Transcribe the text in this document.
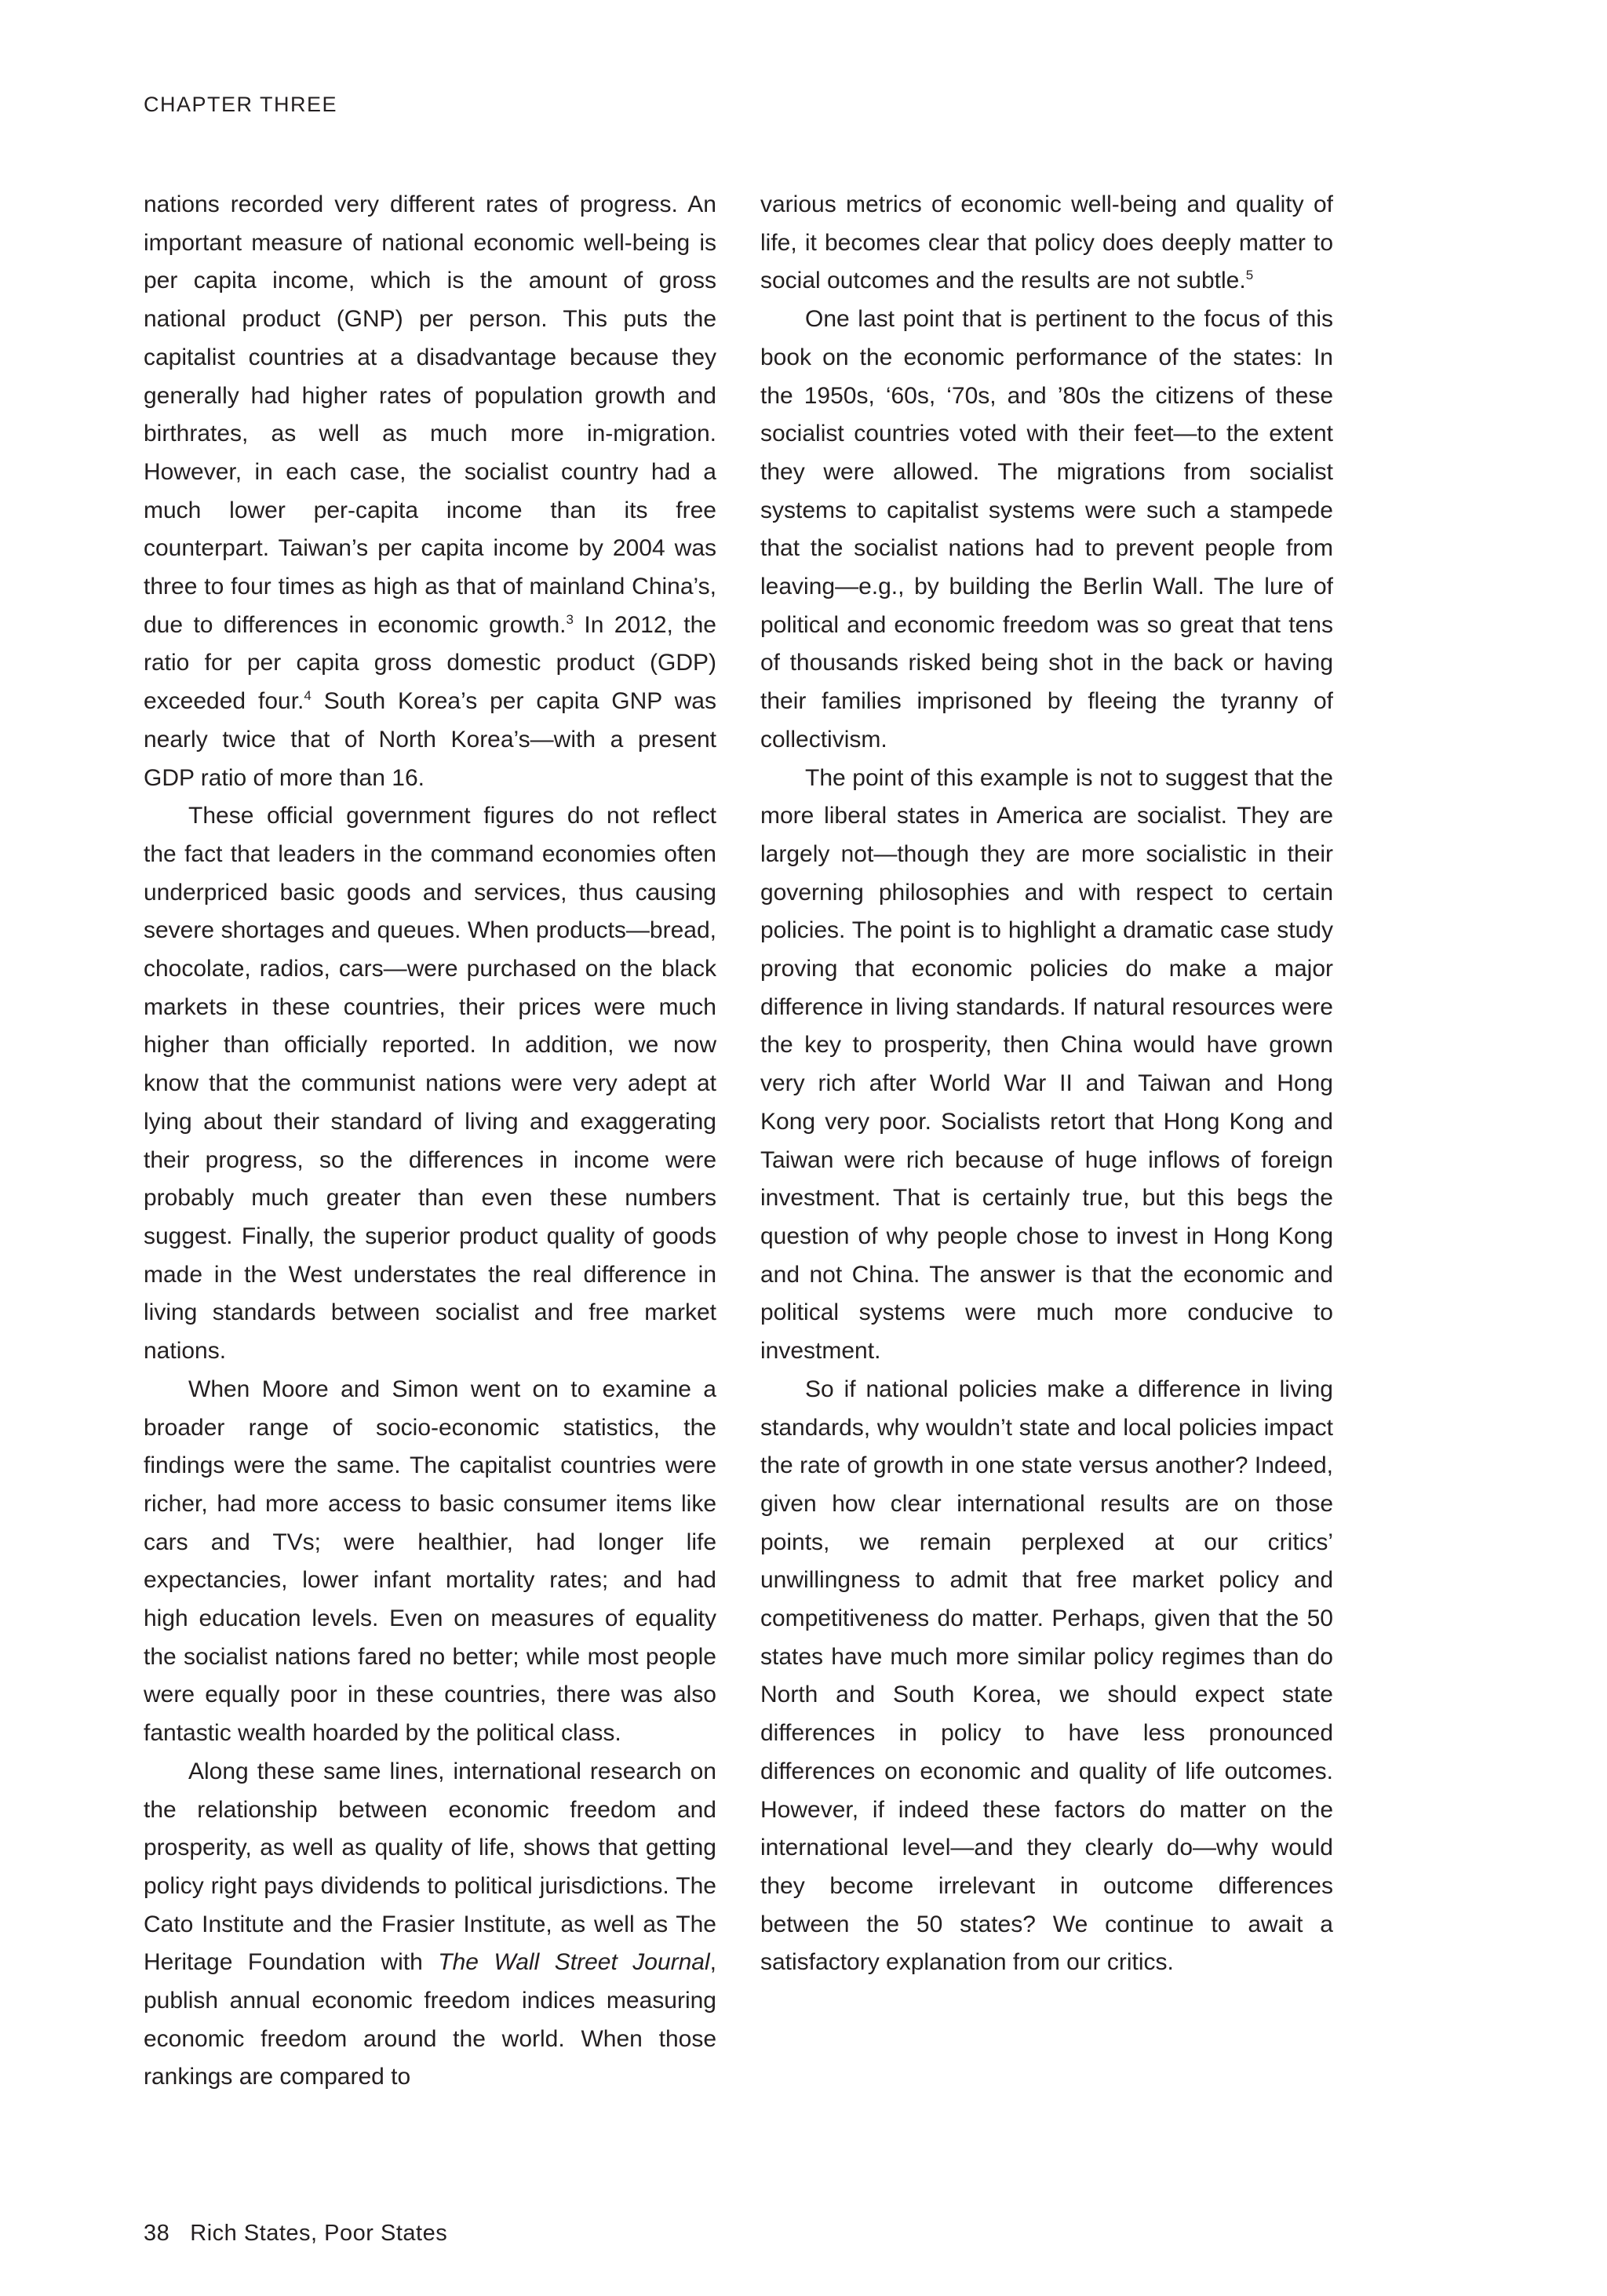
CHAPTER THREE

nations recorded very different rates of progress. An important measure of national economic well-being is per capita income, which is the amount of gross national product (GNP) per person. This puts the capitalist countries at a disadvantage because they generally had higher rates of population growth and birthrates, as well as much more in-migration. However, in each case, the socialist country had a much lower per-capita income than its free counterpart. Taiwan’s per capita income by 2004 was three to four times as high as that of mainland China’s, due to differences in economic growth.$^3$ In 2012, the ratio for per capita gross domestic product (GDP) exceeded four.$^4$ South Korea’s per capita GNP was nearly twice that of North Korea’s—with a present GDP ratio of more than 16.

These official government figures do not reflect the fact that leaders in the command economies often underpriced basic goods and services, thus causing severe shortages and queues. When products—bread, chocolate, radios, cars—were purchased on the black markets in these countries, their prices were much higher than officially reported. In addition, we now know that the communist nations were very adept at lying about their standard of living and exaggerating their progress, so the differences in income were probably much greater than even these numbers suggest. Finally, the superior product quality of goods made in the West understates the real difference in living standards between socialist and free market nations.

When Moore and Simon went on to examine a broader range of socio-economic statistics, the findings were the same. The capitalist countries were richer, had more access to basic consumer items like cars and TVs; were healthier, had longer life expectancies, lower infant mortality rates; and had high education levels. Even on measures of equality the socialist nations fared no better; while most people were equally poor in these countries, there was also fantastic wealth hoarded by the political class.

Along these same lines, international research on the relationship between economic freedom and prosperity, as well as quality of life, shows that getting policy right pays dividends to political jurisdictions. The Cato Institute and the Frasier Institute, as well as The Heritage Foundation with The Wall Street Journal, publish annual economic freedom indices measuring economic freedom around the world. When those rankings are compared to

various metrics of economic well-being and quality of life, it becomes clear that policy does deeply matter to social outcomes and the results are not subtle.$^5$

One last point that is pertinent to the focus of this book on the economic performance of the states: In the 1950s, ‘60s, ‘70s, and ’80s the citizens of these socialist countries voted with their feet—to the extent they were allowed. The migrations from socialist systems to capitalist systems were such a stampede that the socialist nations had to prevent people from leaving—e.g., by building the Berlin Wall. The lure of political and economic freedom was so great that tens of thousands risked being shot in the back or having their families imprisoned by fleeing the tyranny of collectivism.

The point of this example is not to suggest that the more liberal states in America are socialist. They are largely not—though they are more socialistic in their governing philosophies and with respect to certain policies. The point is to highlight a dramatic case study proving that economic policies do make a major difference in living standards. If natural resources were the key to prosperity, then China would have grown very rich after World War II and Taiwan and Hong Kong very poor. Socialists retort that Hong Kong and Taiwan were rich because of huge inflows of foreign investment. That is certainly true, but this begs the question of why people chose to invest in Hong Kong and not China. The answer is that the economic and political systems were much more conducive to investment.

So if national policies make a difference in living standards, why wouldn’t state and local policies impact the rate of growth in one state versus another? Indeed, given how clear international results are on those points, we remain perplexed at our critics’ unwillingness to admit that free market policy and competitiveness do matter. Perhaps, given that the 50 states have much more similar policy regimes than do North and South Korea, we should expect state differences in policy to have less pronounced differences on economic and quality of life outcomes. However, if indeed these factors do matter on the international level—and they clearly do—why would they become irrelevant in outcome differences between the 50 states? We continue to await a satisfactory explanation from our critics.

38 Rich States, Poor States
